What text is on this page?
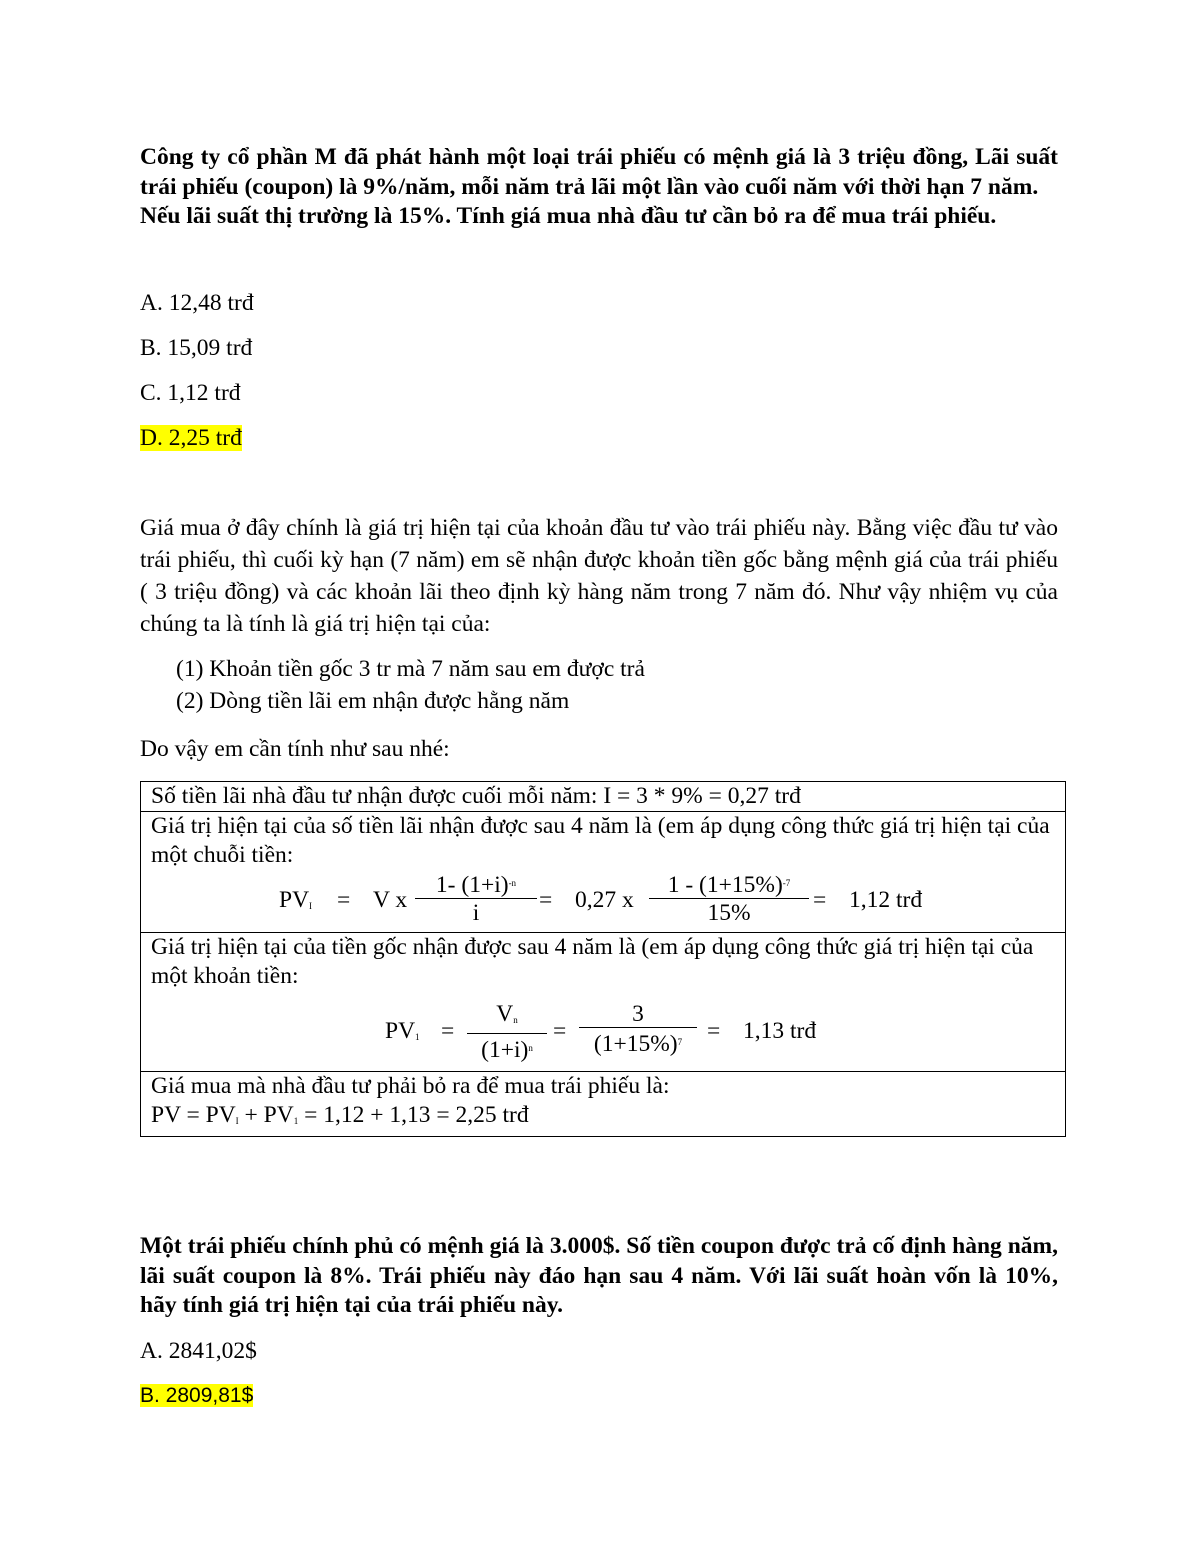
Công ty cổ phần M đã phát hành một loại trái phiếu có mệnh giá là 3 triệu đồng, Lãi suất trái phiếu (coupon) là 9%/năm, mỗi năm trả lãi một lần vào cuối năm với thời hạn 7 năm.

Nếu lãi suất thị trường là 15%. Tính giá mua nhà đầu tư cần bỏ ra để mua trái phiếu.

A. 12,48 trđ
B. 15,09 trđ
C. 1,12 trđ
D. 2,25 trđ
Giá mua ở đây chính là giá trị hiện tại của khoản đầu tư vào trái phiếu này. Bằng việc đầu tư vào trái phiếu, thì cuối kỳ hạn (7 năm) em sẽ nhận được khoản tiền gốc bằng mệnh giá của trái phiếu ( 3 triệu đồng) và các khoản lãi theo định kỳ hàng năm trong 7 năm đó. Như vậy nhiệm vụ của chúng ta là tính là giá trị hiện tại của:
(1) Khoản tiền gốc 3 tr mà 7 năm sau em được trả
(2) Dòng tiền lãi em nhận được hằng năm
Do vậy em cần tính như sau nhé:
Số tiền lãi nhà đầu tư nhận được cuối mỗi năm: I = 3 * 9% = 0,27 trđ

Giá trị hiện tại của số tiền lãi nhận được sau 4 năm là (em áp dụng công thức giá trị hiện tại của một chuỗi tiền:
$PV_I = V$ x $\frac{1- (1+i)^{-n}}{i} = 0,27$ x $\frac{1 - (1+15\%)^{-7}}{15\%} = 1,12$ trđ

Giá trị hiện tại của tiền gốc nhận được sau 4 năm là (em áp dụng công thức giá trị hiện tại của một khoản tiền:
$PV_1 = \frac{V_n}{(1+i)^n} = \frac{3}{(1+15\%)^7} = 1,13$ trđ

Giá mua mà nhà đầu tư phải bỏ ra để mua trái phiếu là:
PV = $PV_I + PV_1 = 1,12 + 1,13 = 2,25$ trđ

Một trái phiếu chính phủ có mệnh giá là 3.000$. Số tiền coupon được trả cố định hàng năm, lãi suất coupon là 8%. Trái phiếu này đáo hạn sau 4 năm. Với lãi suất hoàn vốn là 10%, hãy tính giá trị hiện tại của trái phiếu này.

A. 2841,02$
B. 2809,81$
